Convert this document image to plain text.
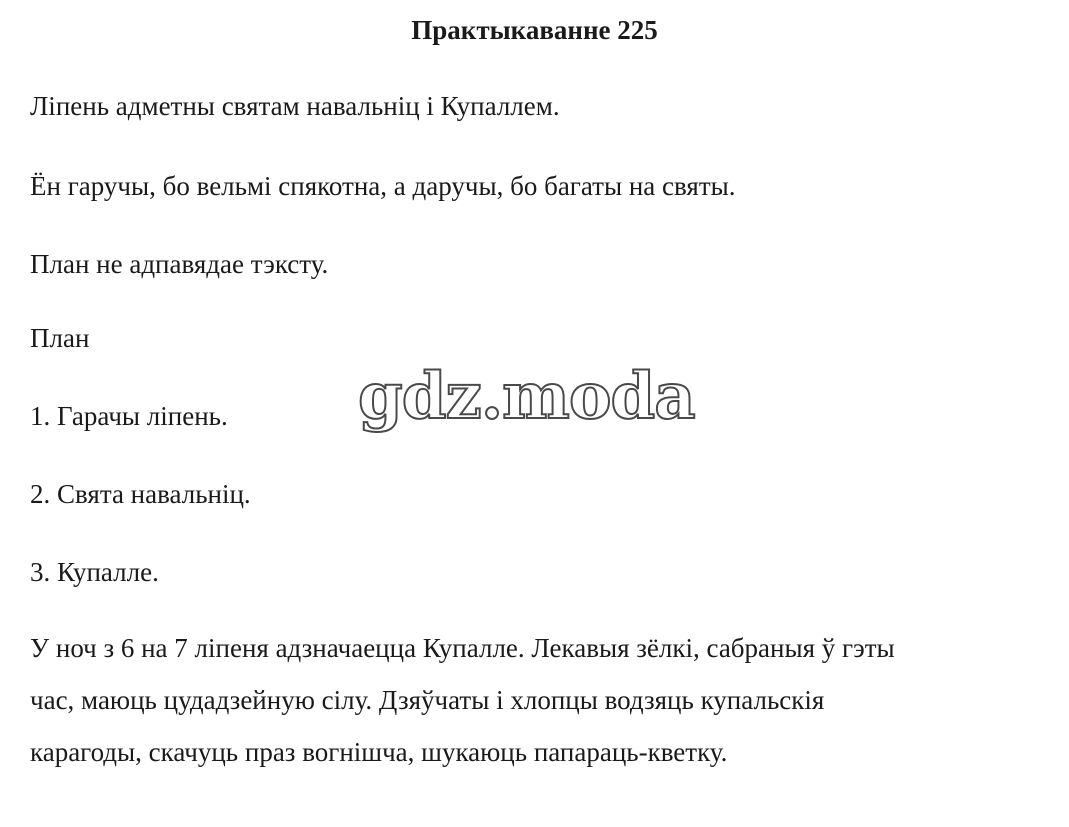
Практыкаванне 225
Ліпень адметны святам навальніц і Купаллем.
Ён гаручы, бо вельмі спякотна, а даручы, бо багаты на святы.
План не адпавядае тэксту.
План
1. Гарачы ліпень.
2. Свята навальніц.
3. Купалле.
У ноч з 6 на 7 ліпеня адзначаецца Купалле. Лекавыя зёлкі, сабраныя ў гэты
час, маюць цудадзейную сілу. Дзяўчаты і хлопцы водзяць купальскія
карагоды, скачуць праз вогнішча, шукаюць папараць-кветку.
gdz.moda
